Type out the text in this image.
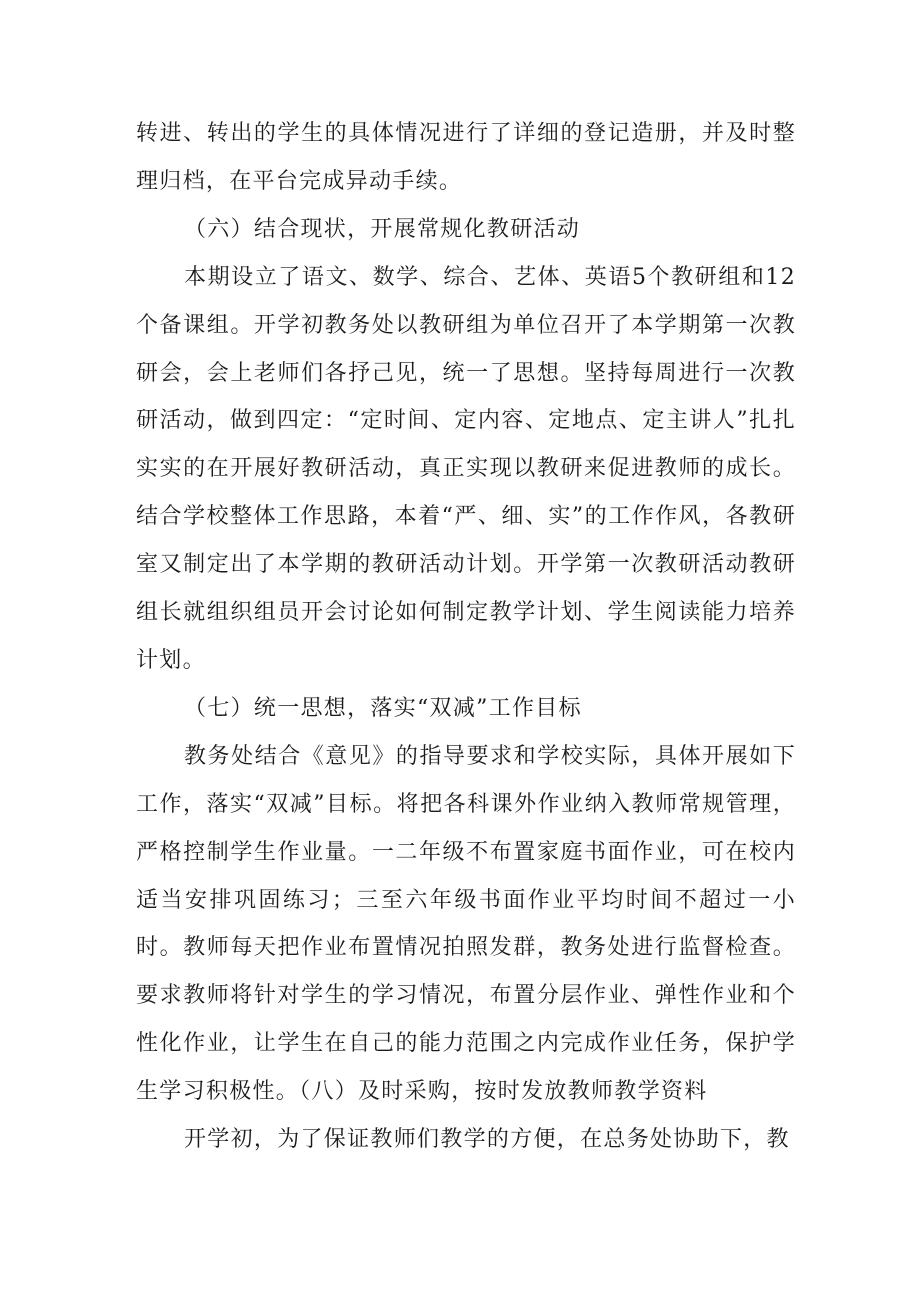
转进、转出的学生的具体情况进行了详细的登记造册，并及时整理归档，在平台完成异动手续。

（六）结合现状，开展常规化教研活动

本期设立了语文、数学、综合、艺体、英语5个教研组和12个备课组。开学初教务处以教研组为单位召开了本学期第一次教研会，会上老师们各抒己见，统一了思想。坚持每周进行一次教研活动，做到四定：“定时间、定内容、定地点、定主讲人”扎扎实实的在开展好教研活动，真正实现以教研来促进教师的成长。结合学校整体工作思路，本着“严、细、实”的工作作风，各教研室又制定出了本学期的教研活动计划。开学第一次教研活动教研组长就组织组员开会讨论如何制定教学计划、学生阅读能力培养计划。

（七）统一思想，落实“双减”工作目标

教务处结合《意见》的指导要求和学校实际，具体开展如下工作，落实“双减”目标。将把各科课外作业纳入教师常规管理，严格控制学生作业量。一二年级不布置家庭书面作业，可在校内适当安排巩固练习；三至六年级书面作业平均时间不超过一小时。教师每天把作业布置情况拍照发群，教务处进行监督检查。要求教师将针对学生的学习情况，布置分层作业、弹性作业和个性化作业，让学生在自己的能力范围之内完成作业任务，保护学生学习积极性。（八）及时采购，按时发放教师教学资料

开学初，为了保证教师们教学的方便，在总务处协助下，教
